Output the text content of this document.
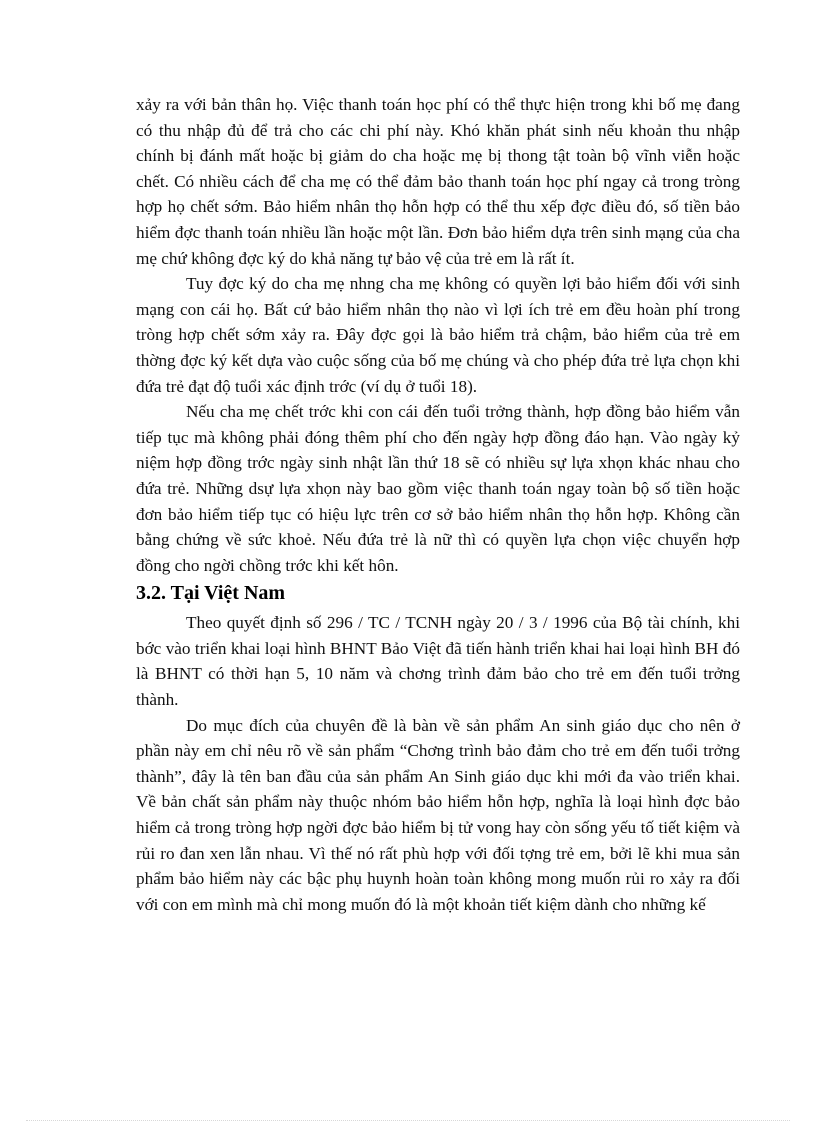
xảy ra với bản thân họ. Việc thanh toán học phí có thể thực hiện trong khi bố mẹ đang có thu nhập đủ để trả cho các chi phí này. Khó khăn phát sinh nếu khoản thu nhập chính bị đánh mất hoặc bị giảm do cha hoặc mẹ bị thong tật toàn bộ vĩnh viễn hoặc chết. Có nhiều cách để cha mẹ có thể đảm bảo thanh toán học phí ngay cả trong tròng hợp họ chết sớm. Bảo hiểm nhân thọ hỗn hợp có thể thu xếp đợc điều đó, số tiền bảo hiểm đợc thanh toán nhiều lần hoặc một lần. Đơn bảo hiểm dựa trên sinh mạng của cha mẹ chứ không đợc ký do khả năng tự bảo vệ của trẻ em là rất ít.

Tuy đợc ký do cha mẹ nhng cha mẹ không có quyền lợi bảo hiểm đối với sinh mạng con cái họ. Bất cứ bảo hiểm nhân thọ nào vì lợi ích trẻ em đều hoàn phí trong tròng hợp chết sớm xảy ra. Đây đợc gọi là bảo hiểm trả chậm, bảo hiểm của trẻ em thờng đợc ký kết dựa vào cuộc sống của bố mẹ chúng và cho phép đứa trẻ lựa chọn khi đứa trẻ đạt độ tuổi xác định trớc (ví dụ ở tuổi 18).

Nếu cha mẹ chết trớc khi con cái đến tuổi trởng thành, hợp đồng bảo hiểm vẫn tiếp tục mà không phải đóng thêm phí cho đến ngày hợp đồng đáo hạn. Vào ngày kỷ niệm hợp đồng trớc ngày sinh nhật lần thứ 18 sẽ có nhiều sự lựa xhọn khác nhau cho đứa trẻ. Những dsự lựa xhọn này bao gồm việc thanh toán ngay toàn bộ số tiền hoặc đơn bảo hiểm tiếp tục có hiệu lực trên cơ sở bảo hiểm nhân thọ hỗn hợp. Không cần bằng chứng về sức khoẻ. Nếu đứa trẻ là nữ thì có quyền lựa chọn việc chuyển hợp đồng cho ngời chồng trớc khi kết hôn.

3.2. Tại Việt Nam

Theo quyết định số 296 / TC / TCNH ngày 20 / 3 / 1996 của Bộ tài chính, khi bớc vào triển khai loại hình BHNT Bảo Việt đã tiến hành triển khai hai loại hình BH đó là BHNT có thời hạn 5, 10 năm và chơng trình đảm bảo cho trẻ em đến tuổi trởng thành.

Do mục đích của chuyên đề là bàn về sản phẩm An sinh giáo dục cho nên ở phần này em chỉ nêu rõ về sản phẩm “Chơng trình bảo đảm cho trẻ em đến tuổi trởng thành”, đây là tên ban đầu của sản phẩm An Sinh giáo dục khi mới đa vào triển khai. Về bản chất sản phẩm này thuộc nhóm bảo hiểm hỗn hợp, nghĩa là loại hình đợc bảo hiểm cả trong tròng hợp ngời đợc bảo hiểm bị tử vong hay còn sống yếu tố tiết kiệm và rủi ro đan xen lẫn nhau. Vì thế nó rất phù hợp với đối tợng trẻ em, bởi lẽ khi mua sản phẩm bảo hiểm này các bậc phụ huynh hoàn toàn không mong muốn rủi ro xảy ra đối với con em mình mà chỉ mong muốn đó là một khoản tiết kiệm dành cho những kế
